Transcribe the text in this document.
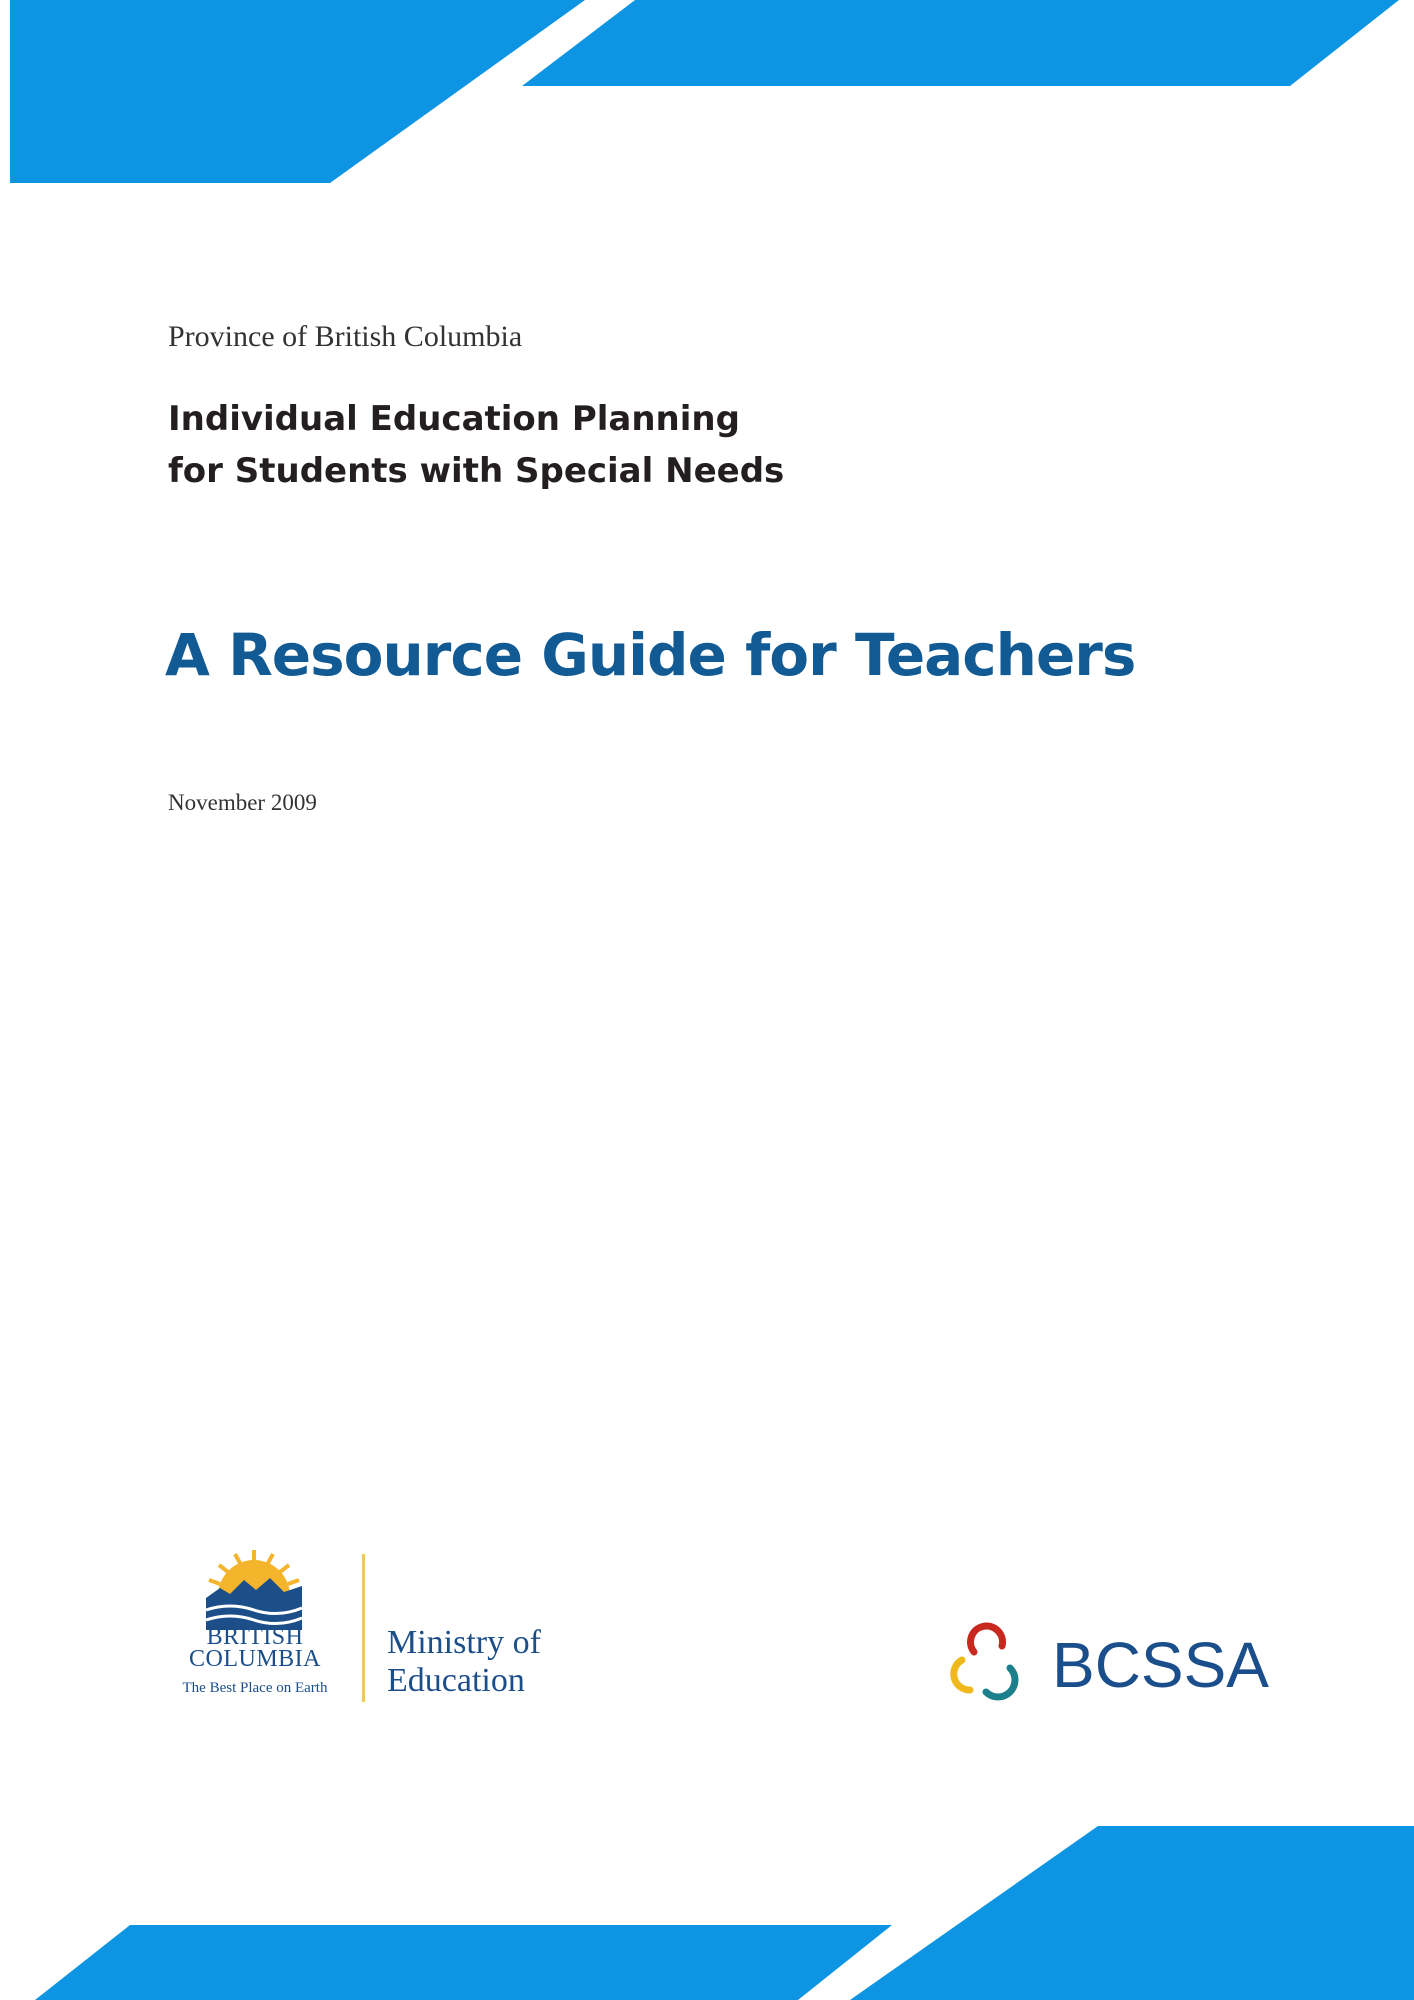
Province of British Columbia

Individual Education Planning
for Students with Special Needs
A Resource Guide for Teachers

November 2009

BRITISH
COLUMBIA
The Best Place on Earth
Ministry of
Education	BCSSA
